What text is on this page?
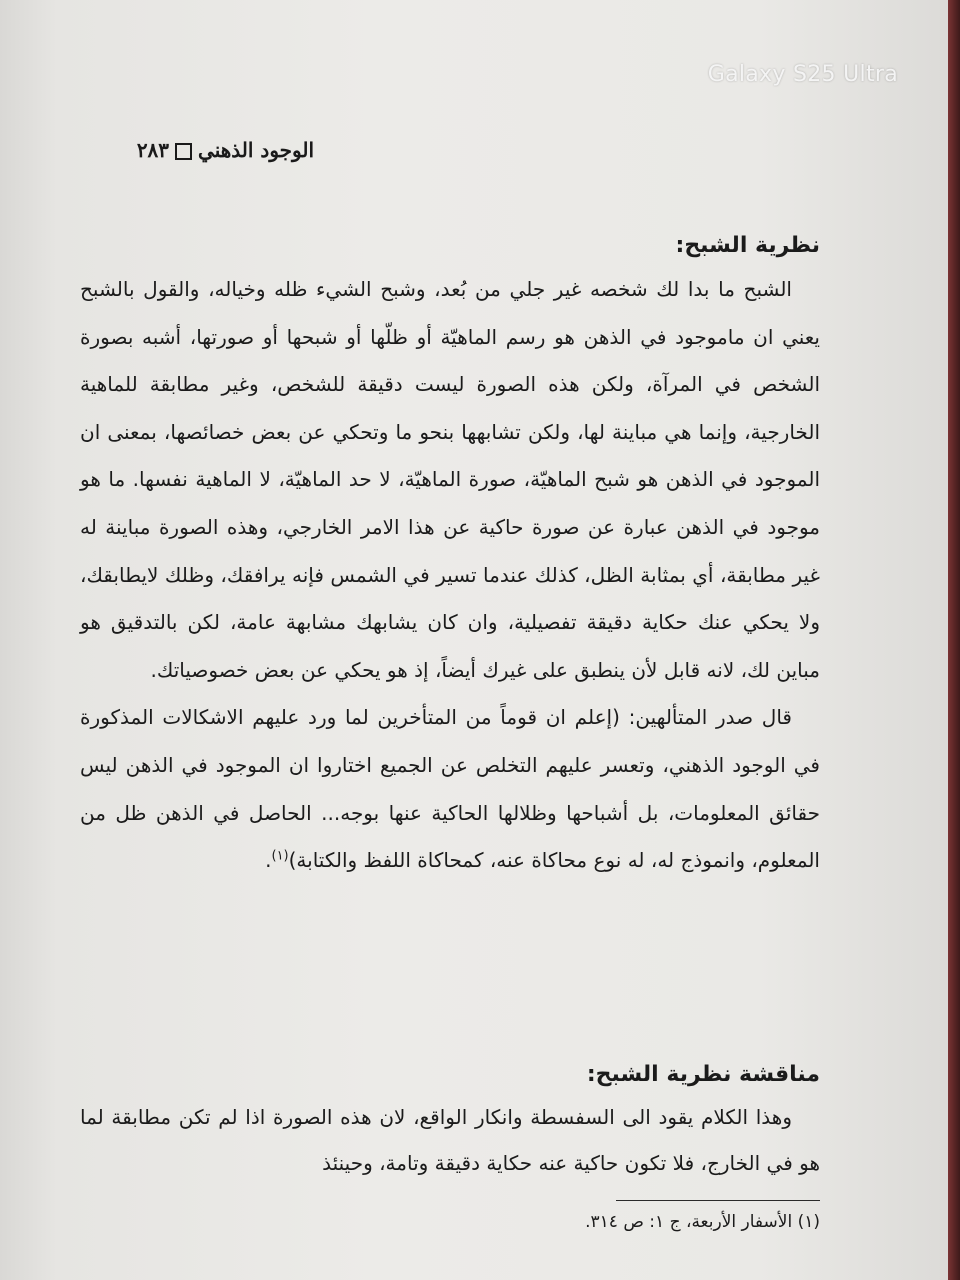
الوجود الذهني٢٨٣

نظرية الشبح:

الشبح ما بدا لك شخصه غير جلي من بُعد، وشبح الشيء ظله وخياله، والقول بالشبح يعني ان ماموجود في الذهن هو رسم الماهيّة أو ظلّها أو شبحها أو صورتها، أشبه بصورة الشخص في المرآة، ولكن هذه الصورة ليست دقيقة للشخص، وغير مطابقة للماهية الخارجية، وإنما هي مباينة لها، ولكن تشابهها بنحو ما وتحكي عن بعض خصائصها، بمعنى ان الموجود في الذهن هو شبح الماهيّة، صورة الماهيّة، لا حد الماهيّة، لا الماهية نفسها. ما هو موجود في الذهن عبارة عن صورة حاكية عن هذا الامر الخارجي، وهذه الصورة مباينة له غير مطابقة، أي بمثابة الظل، كذلك عندما تسير في الشمس فإنه يرافقك، وظلك لايطابقك، ولا يحكي عنك حكاية دقيقة تفصيلية، وان كان يشابهك مشابهة عامة، لكن بالتدقيق هو مباين لك، لانه قابل لأن ينطبق على غيرك أيضاً، إذ هو يحكي عن بعض خصوصياتك.

قال صدر المتألهين: (إعلم ان قوماً من المتأخرين لما ورد عليهم الاشكالات المذكورة في الوجود الذهني، وتعسر عليهم التخلص عن الجميع اختاروا ان الموجود في الذهن ليس حقائق المعلومات، بل أشباحها وظلالها الحاكية عنها بوجه... الحاصل في الذهن ظل من المعلوم، وانموذج له، له نوع محاكاة عنه، كمحاكاة اللفظ والكتابة)$^{(١)}$.

مناقشة نظرية الشبح:

وهذا الكلام يقود الى السفسطة وانكار الواقع، لان هذه الصورة اذا لم تكن مطابقة لما هو في الخارج، فلا تكون حاكية عنه حكاية دقيقة وتامة، وحينئذ

(١) الأسفار الأربعة، ج ١: ص ٣١٤.
Galaxy S25 Ultra
